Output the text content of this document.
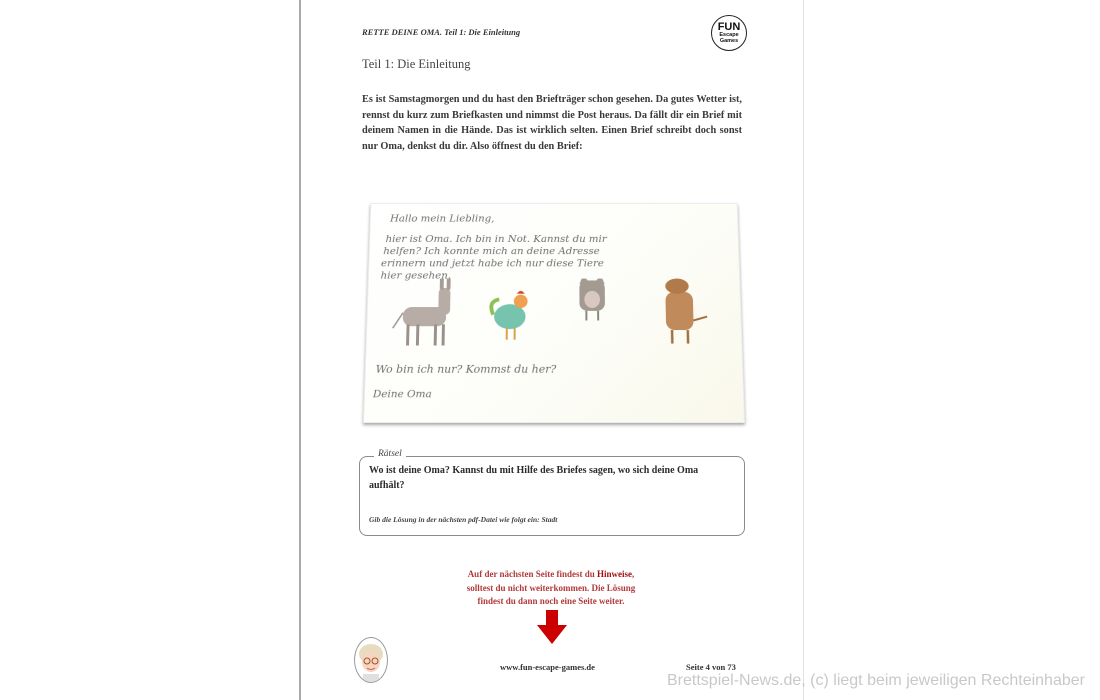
RETTE DEINE OMA. Teil 1: Die Einleitung	FUN
Escape
Games
Teil 1: Die Einleitung
Es ist Samstagmorgen und du hast den Briefträger schon gesehen. Da gutes Wetter ist, rennst du kurz zum Briefkasten und nimmst die Post heraus. Da fällt dir ein Brief mit deinem Namen in die Hände. Das ist wirklich selten. Einen Brief schreibt doch sonst nur Oma, denkst du dir. Also öffnest du den Brief:
Hallo mein Liebling,
hier ist Oma. Ich bin in Not. Kannst du mir
helfen? Ich konnte mich an deine Adresse
erinnern und jetzt habe ich nur diese Tiere
hier gesehen.
Wo bin ich nur? Kommst du her?
Deine Oma
Rätsel
Wo ist deine Oma? Kannst du mit Hilfe des Briefes sagen, wo sich deine Oma aufhält?
Gib die Lösung in der nächsten pdf-Datei wie folgt ein: Stadt
Auf der nächsten Seite findest du Hinweise,
solltest du nicht weiterkommen. Die Lösung
findest du dann noch eine Seite weiter.
www.fun-escape-games.de	Seite 4 von 73
Brettspiel-News.de, (c) liegt beim jeweiligen Rechteinhaber
